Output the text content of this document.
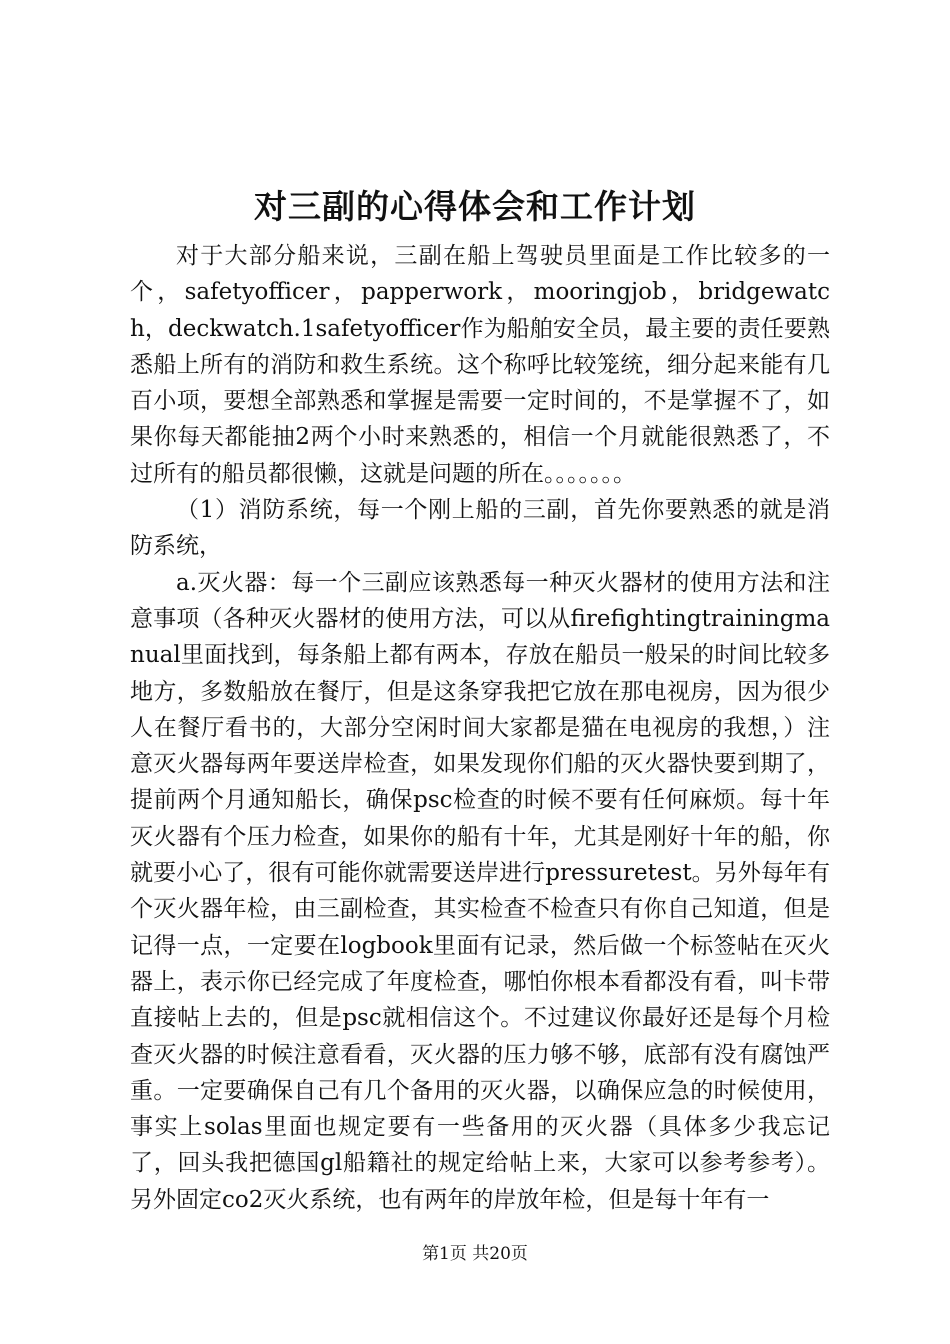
对三副的心得体会和工作计划

对于大部分船来说，三副在船上驾驶员里面是工作比较多的一个，safetyofficer，papperwork，mooringjob，bridgewatch，deckwatch.1safetyofficer作为船舶安全员，最主要的责任要熟悉船上所有的消防和救生系统。这个称呼比较笼统，细分起来能有几百小项，要想全部熟悉和掌握是需要一定时间的，不是掌握不了，如果你每天都能抽2两个小时来熟悉的，相信一个月就能很熟悉了，不过所有的船员都很懒，这就是问题的所在。。。。。。。

（1）消防系统，每一个刚上船的三副，首先你要熟悉的就是消防系统，

a.灭火器：每一个三副应该熟悉每一种灭火器材的使用方法和注意事项（各种灭火器材的使用方法，可以从firefightingtrainingmanual里面找到，每条船上都有两本，存放在船员一般呆的时间比较多地方，多数船放在餐厅，但是这条穿我把它放在那电视房，因为很少人在餐厅看书的，大部分空闲时间大家都是猫在电视房的我想，）注意灭火器每两年要送岸检查，如果发现你们船的灭火器快要到期了，提前两个月通知船长，确保psc检查的时候不要有任何麻烦。每十年灭火器有个压力检查，如果你的船有十年，尤其是刚好十年的船，你就要小心了，很有可能你就需要送岸进行pressuretest。另外每年有个灭火器年检，由三副检查，其实检查不检查只有你自己知道，但是记得一点，一定要在logbook里面有记录，然后做一个标签帖在灭火器上，表示你已经完成了年度检查，哪怕你根本看都没有看，叫卡带直接帖上去的，但是psc就相信这个。不过建议你最好还是每个月检查灭火器的时候注意看看，灭火器的压力够不够，底部有没有腐蚀严重。一定要确保自己有几个备用的灭火器，以确保应急的时候使用，事实上solas里面也规定要有一些备用的灭火器（具体多少我忘记了，回头我把德国gl船籍社的规定给帖上来，大家可以参考参考）。另外固定co2灭火系统，也有两年的岸放年检，但是每十年有一

第1页 共20页
